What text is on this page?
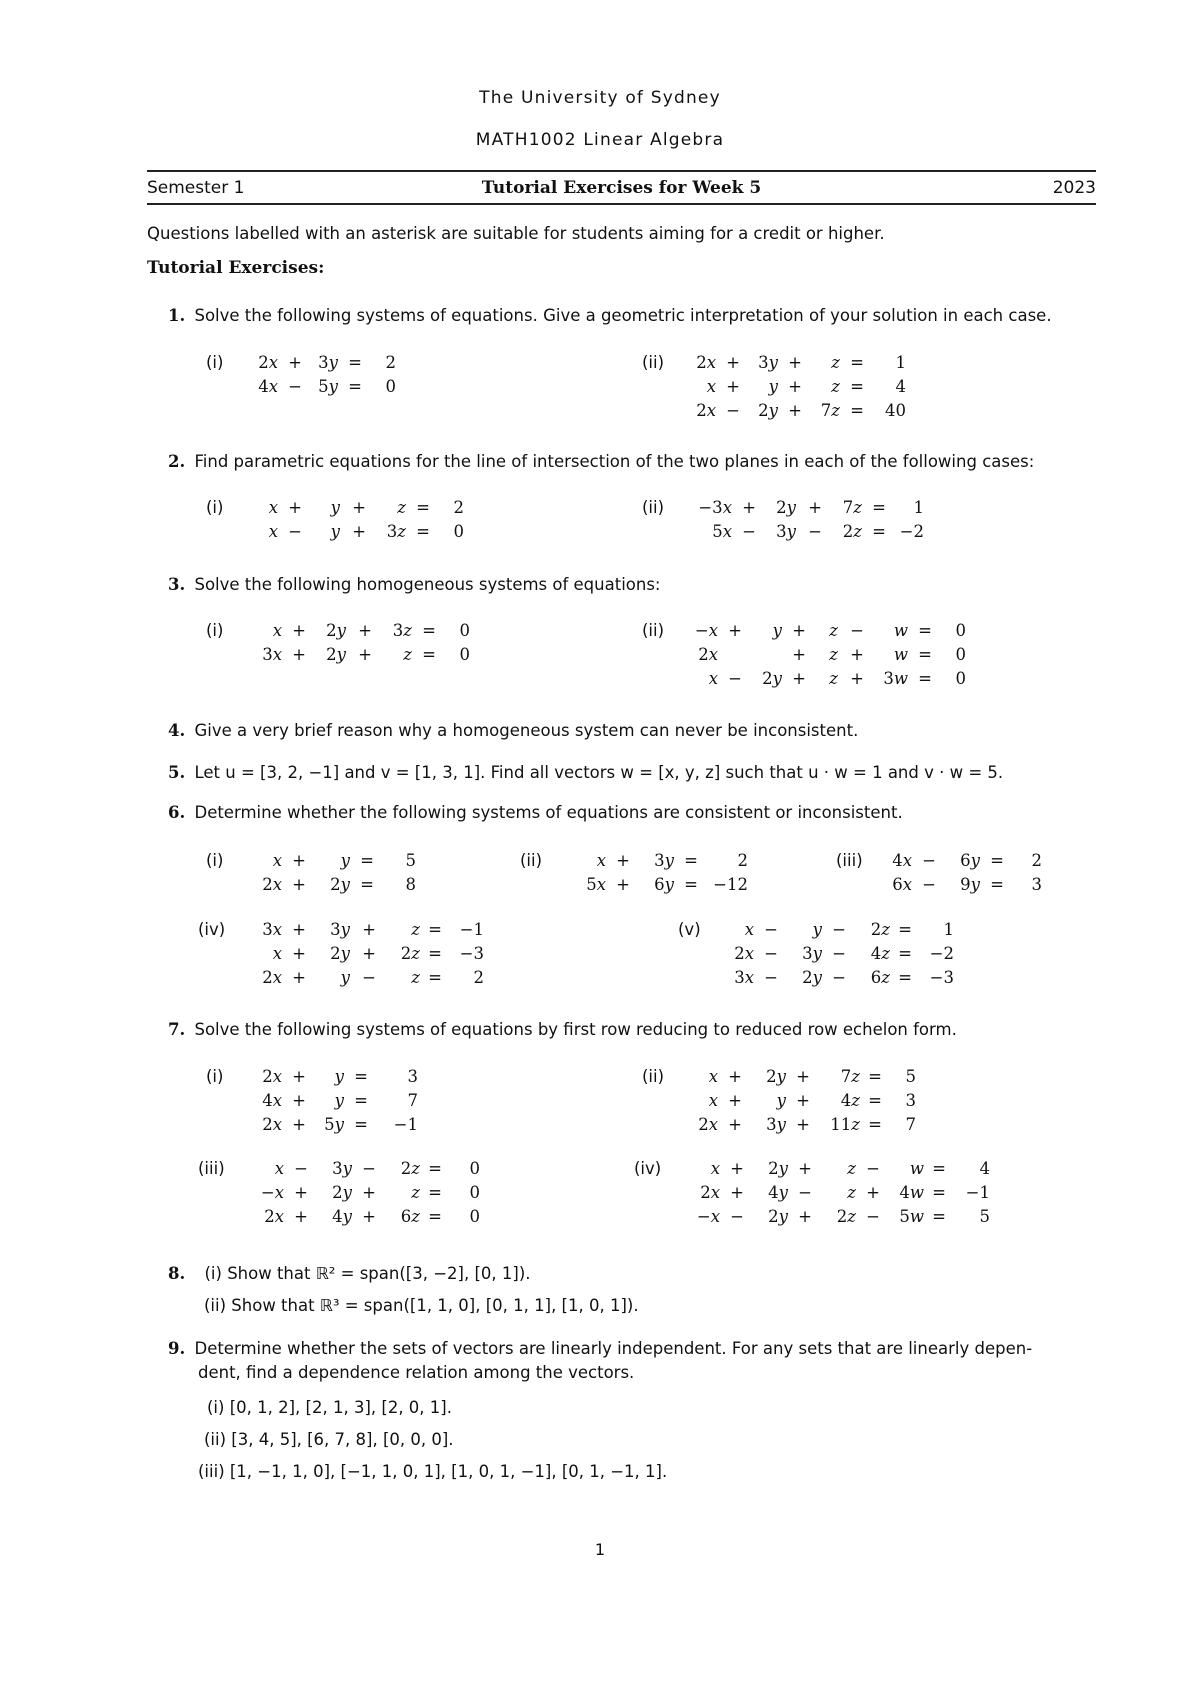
The University of Sydney
MATH1002 Linear Algebra
Semester 1	Tutorial Exercises for Week 5	2023
Questions labelled with an asterisk are suitable for students aiming for a credit or higher.
Tutorial Exercises:
1. Solve the following systems of equations. Give a geometric interpretation of your solution in each case.
2. Find parametric equations for the line of intersection of the two planes in each of the following cases:
3. Solve the following homogeneous systems of equations:
4. Give a very brief reason why a homogeneous system can never be inconsistent.
5. Let u = [3, 2, −1] and v = [1, 3, 1]. Find all vectors w = [x, y, z] such that u · w = 1 and v · w = 5.
6. Determine whether the following systems of equations are consistent or inconsistent.
7. Solve the following systems of equations by first row reducing to reduced row echelon form.
8. (i) Show that ℝ² = span([3, −2], [0, 1]).
(ii) Show that ℝ³ = span([1, 1, 0], [0, 1, 1], [1, 0, 1]).
9. Determine whether the sets of vectors are linearly independent. For any sets that are linearly depen-
dent, find a dependence relation among the vectors.
(i) [0, 1, 2], [2, 1, 3], [2, 0, 1].
(ii) [3, 4, 5], [6, 7, 8], [0, 0, 0].
(iii) [1, −1, 1, 0], [−1, 1, 0, 1], [1, 0, 1, −1], [0, 1, −1, 1].
(i)	2x + 3y =	2
4x − 5y =	0
(ii)	2x +	3y +	z =	1
x +	y +	z =	4
2x −	2y +	7z =	40
(i)	x +	y +	z =	2
x −	y +	3z =	0
(ii)	−3x +	2y +	7z =	1
5x −	3y −	2z = −2
(i)	x +	2y +	3z =	0
3x +	2y +	z =	0
(ii)	−x +	y +	z −	w =	0
2x	+	z +	w =	0
x −	2y +	z +	3w =	0
(i)	x +	y =	5
2x +	2y =	8
(ii)	x +	3y =	2
5x +	6y = −12
(iii)	4x −	6y =	2
6x −	9y =	3
(iv)	3x +	3y +	z =	−1
x +	2y +	2z =	−3
2x +	y −	z =	2
(v)	x −	y −	2z =	1
2x −	3y −	4z =	−2
3x −	2y −	6z =	−3
(i)	2x +	y =	3
4x +	y =	7
2x +	5y =	−1
(ii)	x +	2y +	7z =	5
x +	y +	4z =	3
2x +	3y +	11z =	7
(iii)	x −	3y −	2z =	0
−x +	2y +	z =	0
2x +	4y +	6z =	0
(iv)	x +	2y +	z −	w =	4
2x +	4y −	z +	4w =	−1
−x −	2y +	2z −	5w =	5
1
